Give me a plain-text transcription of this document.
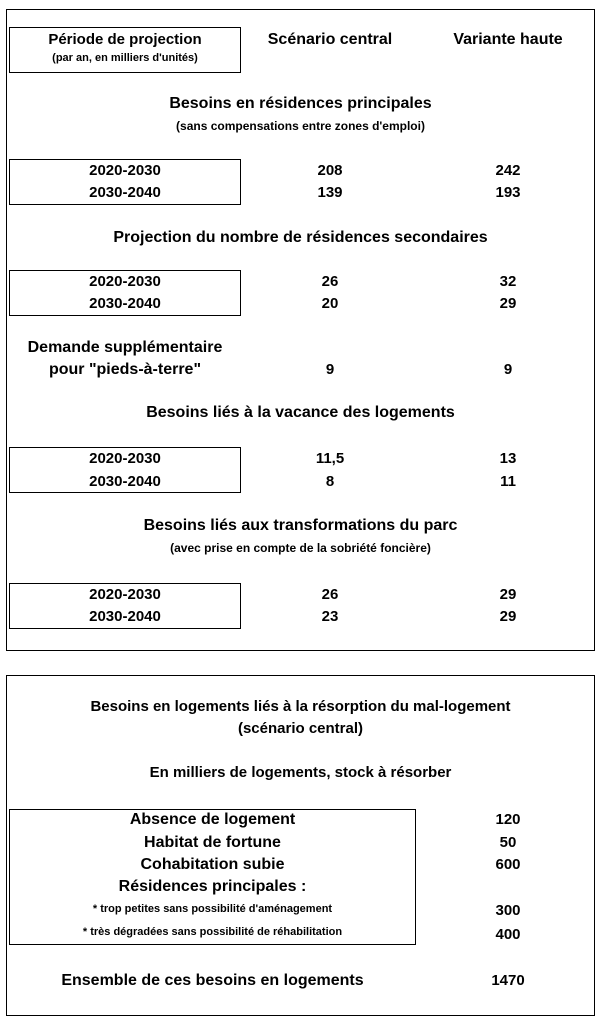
Période de projection
(par an, en milliers d'unités)
Scénario central	Variante haute
Besoins en résidences principales
(sans compensations entre zones d'emploi)
2020-2030	208	242
2030-2040	139	193
Projection du nombre de résidences secondaires
2020-2030	26	32
2030-2040	20	29
Demande supplémentaire
pour "pieds-à-terre"	9	9
Besoins liés à la vacance des logements
2020-2030	11,5	13
2030-2040	8	11
Besoins liés aux transformations du parc
(avec prise en compte de la sobriété foncière)
2020-2030	26	29
2030-2040	23	29
Besoins en logements liés à la résorption du mal-logement
(scénario central)
En milliers de logements, stock à résorber
Absence de logement	120
Habitat de fortune	50
Cohabitation subie	600
Résidences principales :
* trop petites sans possibilité d'aménagement	300
* très dégradées sans possibilité de réhabilitation	400
Ensemble de ces besoins en logements	1470
